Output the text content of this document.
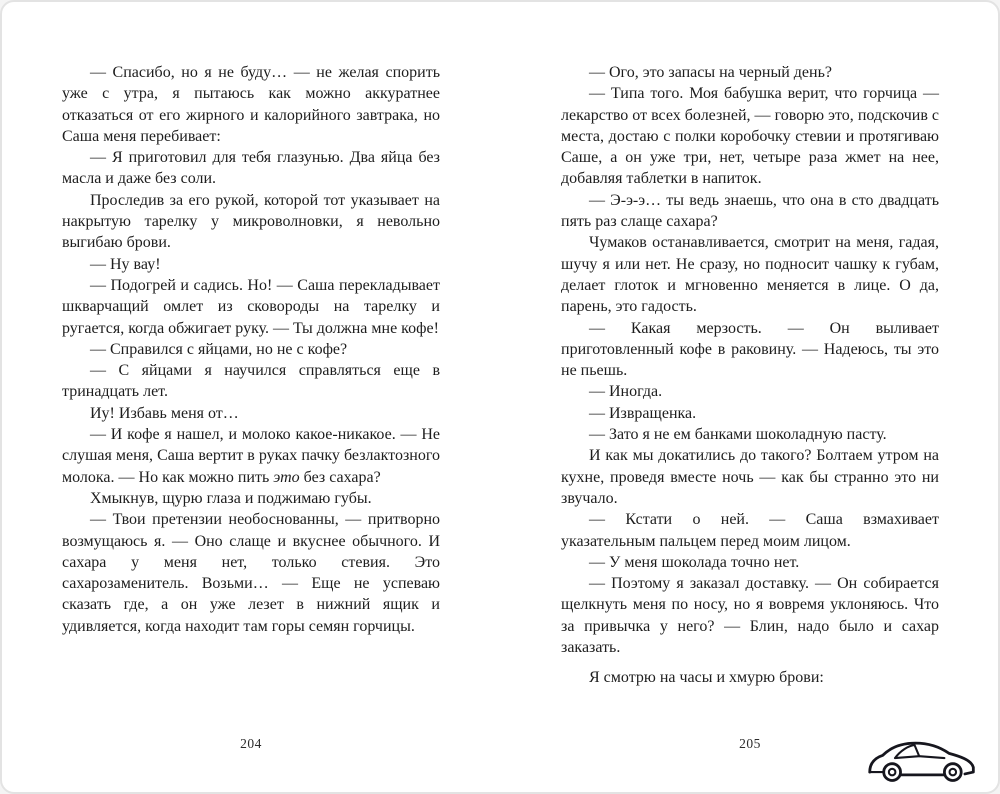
— Спасибо, но я не буду… — не желая спорить уже с утра, я пытаюсь как можно аккуратнее отказаться от его жирного и калорийного завтрака, но Саша меня перебивает:

— Я приготовил для тебя глазунью. Два яйца без масла и даже без соли.

Проследив за его рукой, которой тот указывает на накрытую тарелку у микроволновки, я невольно выгибаю брови.

— Ну вау!

— Подогрей и садись. Но! — Саша перекладывает шкварчащий омлет из сковороды на тарелку и ругается, когда обжигает руку. — Ты должна мне кофе!

— Справился с яйцами, но не с кофе?

— С яйцами я научился справляться еще в тринадцать лет.

Иу! Избавь меня от…

— И кофе я нашел, и молоко какое-никакое. — Не слушая меня, Саша вертит в руках пачку безлактозного молока. — Но как можно пить это без сахара?

Хмыкнув, щурю глаза и поджимаю губы.

— Твои претензии необоснованны, — притворно возмущаюсь я. — Оно слаще и вкуснее обычного. И сахара у меня нет, только стевия. Это сахарозаменитель. Возьми… — Еще не успеваю сказать где, а он уже лезет в нижний ящик и удивляется, когда находит там горы семян горчицы.

— Ого, это запасы на черный день?

— Типа того. Моя бабушка верит, что горчица — лекарство от всех болезней, — говорю это, подскочив с места, достаю с полки коробочку стевии и протягиваю Саше, а он уже три, нет, четыре раза жмет на нее, добавляя таблетки в напиток.

— Э-э-э… ты ведь знаешь, что она в сто двадцать пять раз слаще сахара?

Чумаков останавливается, смотрит на меня, гадая, шучу я или нет. Не сразу, но подносит чашку к губам, делает глоток и мгновенно меняется в лице. О да, парень, это гадость.

— Какая мерзость. — Он выливает приготовленный кофе в раковину. — Надеюсь, ты это не пьешь.

— Иногда.

— Извращенка.

— Зато я не ем банками шоколадную пасту.

И как мы докатились до такого? Болтаем утром на кухне, проведя вместе ночь — как бы странно это ни звучало.

— Кстати о ней. — Саша взмахивает указательным пальцем перед моим лицом.

— У меня шоколада точно нет.

— Поэтому я заказал доставку. — Он собирается щелкнуть меня по носу, но я вовремя уклоняюсь. Что за привычка у него? — Блин, надо было и сахар заказать.

Я смотрю на часы и хмурю брови:

204	205
